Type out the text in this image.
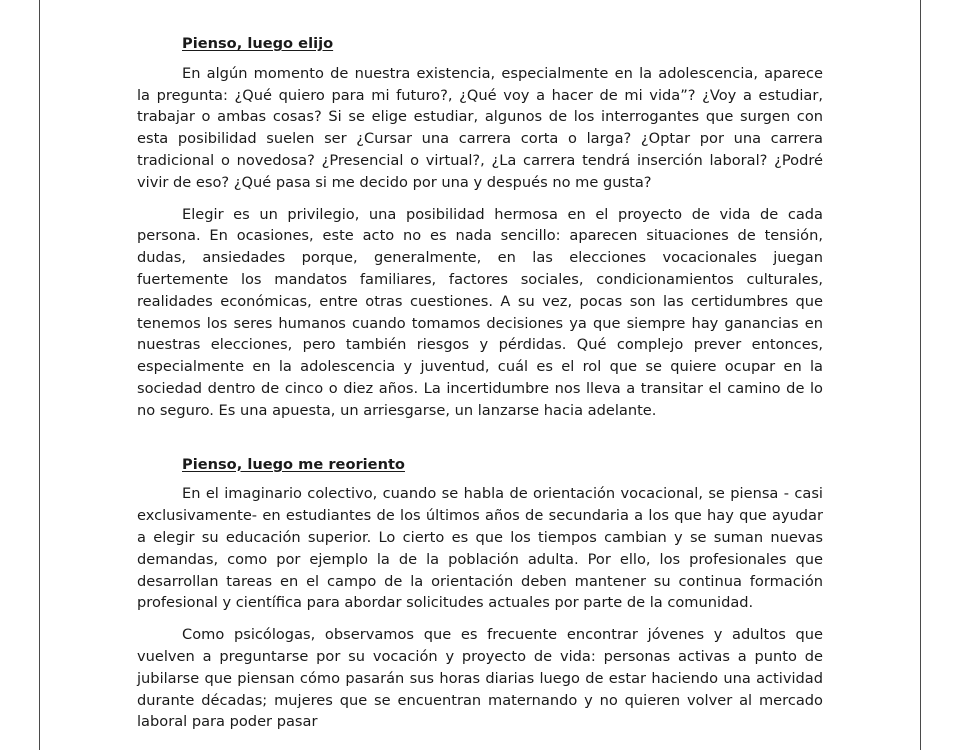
Pienso, luego elijo

En algún momento de nuestra existencia, especialmente en la adolescencia, aparece la pregunta: ¿Qué quiero para mi futuro?, ¿Qué voy a hacer de mi vida”? ¿Voy a estudiar, trabajar o ambas cosas? Si se elige estudiar, algunos de los interrogantes que surgen con esta posibilidad suelen ser ¿Cursar una carrera corta o larga? ¿Optar por una carrera tradicional o novedosa? ¿Presencial o virtual?, ¿La carrera tendrá inserción laboral? ¿Podré vivir de eso? ¿Qué pasa si me decido por una y después no me gusta?

Elegir es un privilegio, una posibilidad hermosa en el proyecto de vida de cada persona. En ocasiones, este acto no es nada sencillo: aparecen situaciones de tensión, dudas, ansiedades porque, generalmente, en las elecciones vocacionales juegan fuertemente los mandatos familiares, factores sociales, condicionamientos culturales, realidades económicas, entre otras cuestiones. A su vez, pocas son las certidumbres que tenemos los seres humanos cuando tomamos decisiones ya que siempre hay ganancias en nuestras elecciones, pero también riesgos y pérdidas. Qué complejo prever entonces, especialmente en la adolescencia y juventud, cuál es el rol que se quiere ocupar en la sociedad dentro de cinco o diez años. La incertidumbre nos lleva a transitar el camino de lo no seguro. Es una apuesta, un arriesgarse, un lanzarse hacia adelante.

Pienso, luego me reoriento

En el imaginario colectivo, cuando se habla de orientación vocacional, se piensa - casi exclusivamente- en estudiantes de los últimos años de secundaria a los que hay que ayudar a elegir su educación superior. Lo cierto es que los tiempos cambian y se suman nuevas demandas, como por ejemplo la de la población adulta. Por ello, los profesionales que desarrollan tareas en el campo de la orientación deben mantener su continua formación profesional y científica para abordar solicitudes actuales por parte de la comunidad.

Como psicólogas, observamos que es frecuente encontrar jóvenes y adultos que vuelven a preguntarse por su vocación y proyecto de vida: personas activas a punto de jubilarse que piensan cómo pasarán sus horas diarias luego de estar haciendo una actividad durante décadas; mujeres que se encuentran maternando y no quieren volver al mercado laboral para poder pasar
